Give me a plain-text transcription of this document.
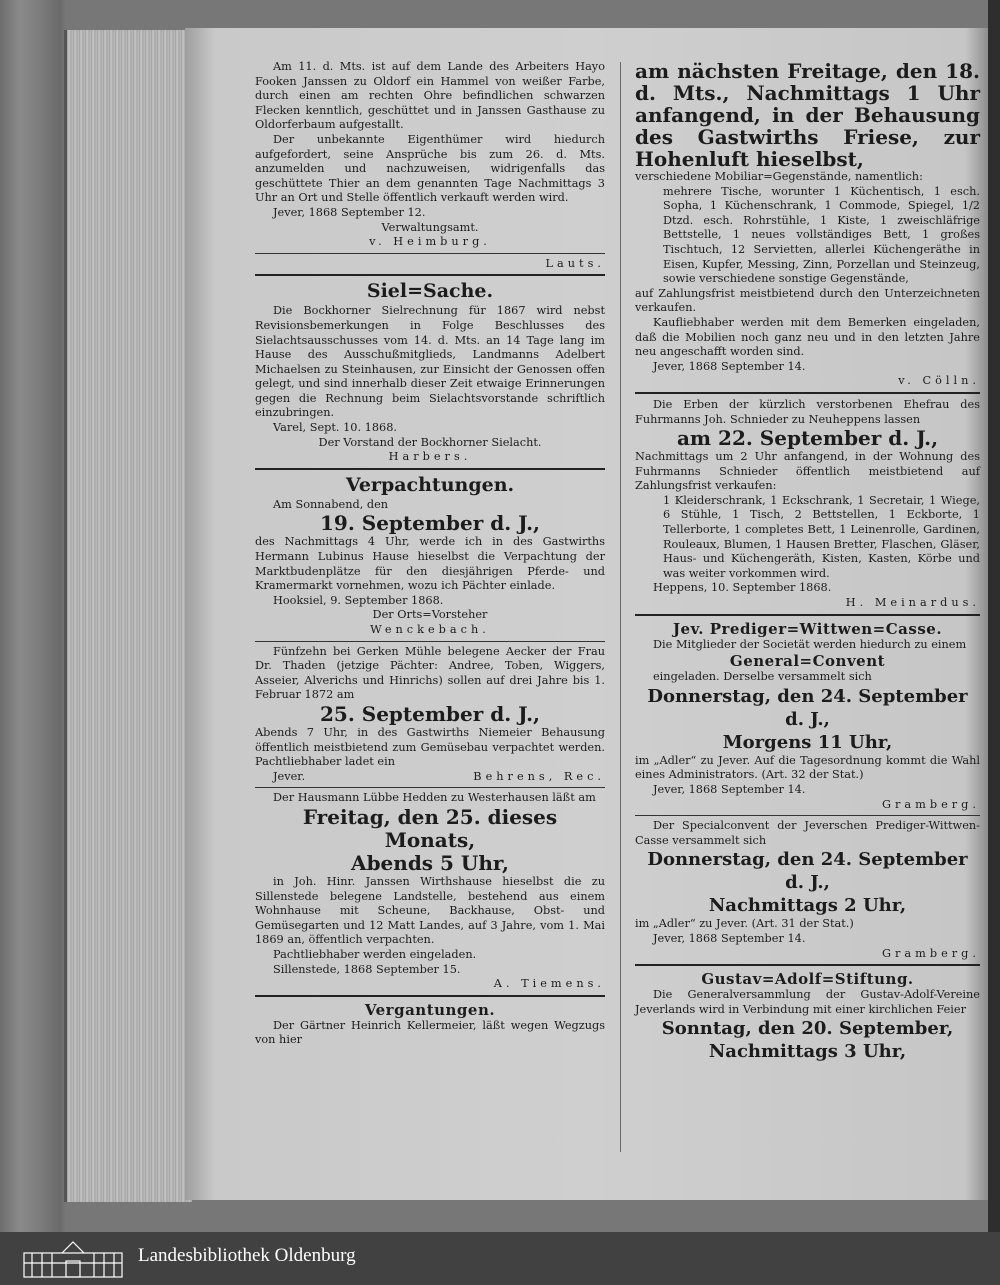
Am 11. d. Mts. ist auf dem Lande des Arbeiters Hayo Fooken Janssen zu Oldorf ein Hammel von weißer Farbe, durch einen am rechten Ohre befindlichen schwarzen Flecken kenntlich, geschüttet und in Janssen Gasthause zu Oldorferbaum aufgestallt.

Der unbekannte Eigenthümer wird hiedurch aufgefordert, seine Ansprüche bis zum 26. d. Mts. anzumelden und nachzuweisen, widrigenfalls das geschüttete Thier an dem genannten Tage Nachmittags 3 Uhr an Ort und Stelle öffentlich verkauft werden wird.

Jever, 1868 September 12.

Verwaltungsamt.

v. Heimburg.

Lauts.

Siel=Sache.

Die Bockhorner Sielrechnung für 1867 wird nebst Revisionsbemerkungen in Folge Beschlusses des Sielachtsausschusses vom 14. d. Mts. an 14 Tage lang im Hause des Ausschußmitglieds, Landmanns Adelbert Michaelsen zu Steinhausen, zur Einsicht der Genossen offen gelegt, und sind innerhalb dieser Zeit etwaige Erinnerungen gegen die Rechnung beim Sielachtsvorstande schriftlich einzubringen.

Varel, Sept. 10. 1868.

Der Vorstand der Bockhorner Sielacht.

Harbers.

Verpachtungen.

Am Sonnabend, den

19. September d. J.,

des Nachmittags 4 Uhr, werde ich in des Gastwirths Hermann Lubinus Hause hieselbst die Verpachtung der Marktbudenplätze für den diesjährigen Pferde- und Kramermarkt vornehmen, wozu ich Pächter einlade.

Hooksiel, 9. September 1868.

Der Orts=Vorsteher

Wenckebach.

Fünfzehn bei Gerken Mühle belegene Aecker der Frau Dr. Thaden (jetzige Pächter: Andree, Toben, Wiggers, Asseier, Alverichs und Hinrichs) sollen auf drei Jahre bis 1. Februar 1872 am

25. September d. J.,

Abends 7 Uhr, in des Gastwirths Niemeier Behausung öffentlich meistbietend zum Gemüsebau verpachtet werden. Pachtliebhaber ladet ein

Jever.	Behrens, Rec.

Der Hausmann Lübbe Hedden zu Westerhausen läßt am

Freitag, den 25. dieses Monats,

Abends 5 Uhr,

in Joh. Hinr. Janssen Wirthshause hieselbst die zu Sillenstede belegene Landstelle, bestehend aus einem Wohnhause mit Scheune, Backhause, Obst- und Gemüsegarten und 12 Matt Landes, auf 3 Jahre, vom 1. Mai 1869 an, öffentlich verpachten.

Pachtliebhaber werden eingeladen.

Sillenstede, 1868 September 15.

A. Tiemens.

Vergantungen.

Der Gärtner Heinrich Kellermeier, läßt wegen Wegzugs von hier

am nächsten Freitage, den 18. d. Mts., Nachmittags 1 Uhr anfangend, in der Behausung des Gastwirths Friese, zur Hohenluft hieselbst,

verschiedene Mobiliar=Gegenstände, namentlich:

mehrere Tische, worunter 1 Küchentisch, 1 esch. Sopha, 1 Küchenschrank, 1 Commode, Spiegel, 1/2 Dtzd. esch. Rohrstühle, 1 Kiste, 1 zweischläfrige Bettstelle, 1 neues vollständiges Bett, 1 großes Tischtuch, 12 Servietten, allerlei Küchengeräthe in Eisen, Kupfer, Messing, Zinn, Porzellan und Steinzeug, sowie verschiedene sonstige Gegenstände,

auf Zahlungsfrist meistbietend durch den Unterzeichneten verkaufen.

Kaufliebhaber werden mit dem Bemerken eingeladen, daß die Mobilien noch ganz neu und in den letzten Jahre neu angeschafft worden sind.

Jever, 1868 September 14.

v. Cölln.

Die Erben der kürzlich verstorbenen Ehefrau des Fuhrmanns Joh. Schnieder zu Neuheppens lassen

am 22. September d. J.,

Nachmittags um 2 Uhr anfangend, in der Wohnung des Fuhrmanns Schnieder öffentlich meistbietend auf Zahlungsfrist verkaufen:

1 Kleiderschrank, 1 Eckschrank, 1 Secretair, 1 Wiege, 6 Stühle, 1 Tisch, 2 Bettstellen, 1 Eckborte, 1 Tellerborte, 1 completes Bett, 1 Leinenrolle, Gardinen, Rouleaux, Blumen, 1 Hausen Bretter, Flaschen, Gläser, Haus- und Küchengeräth, Kisten, Kasten, Körbe und was weiter vorkommen wird.

Heppens, 10. September 1868.

H. Meinardus.

Jev. Prediger=Wittwen=Casse.

Die Mitglieder der Societät werden hiedurch zu einem

General=Convent

eingeladen. Derselbe versammelt sich

Donnerstag, den 24. September d. J.,

Morgens 11 Uhr,

im „Adler“ zu Jever. Auf die Tagesordnung kommt die Wahl eines Administrators. (Art. 32 der Stat.)

Jever, 1868 September 14.

Gramberg.

Der Specialconvent der Jeverschen Prediger-Wittwen-Casse versammelt sich

Donnerstag, den 24. September d. J.,

Nachmittags 2 Uhr,

im „Adler“ zu Jever. (Art. 31 der Stat.)

Jever, 1868 September 14.

Gramberg.

Gustav=Adolf=Stiftung.

Die Generalversammlung der Gustav-Adolf-Vereine Jeverlands wird in Verbindung mit einer kirchlichen Feier

Sonntag, den 20. September,

Nachmittags 3 Uhr,

Landesbibliothek Oldenburg
